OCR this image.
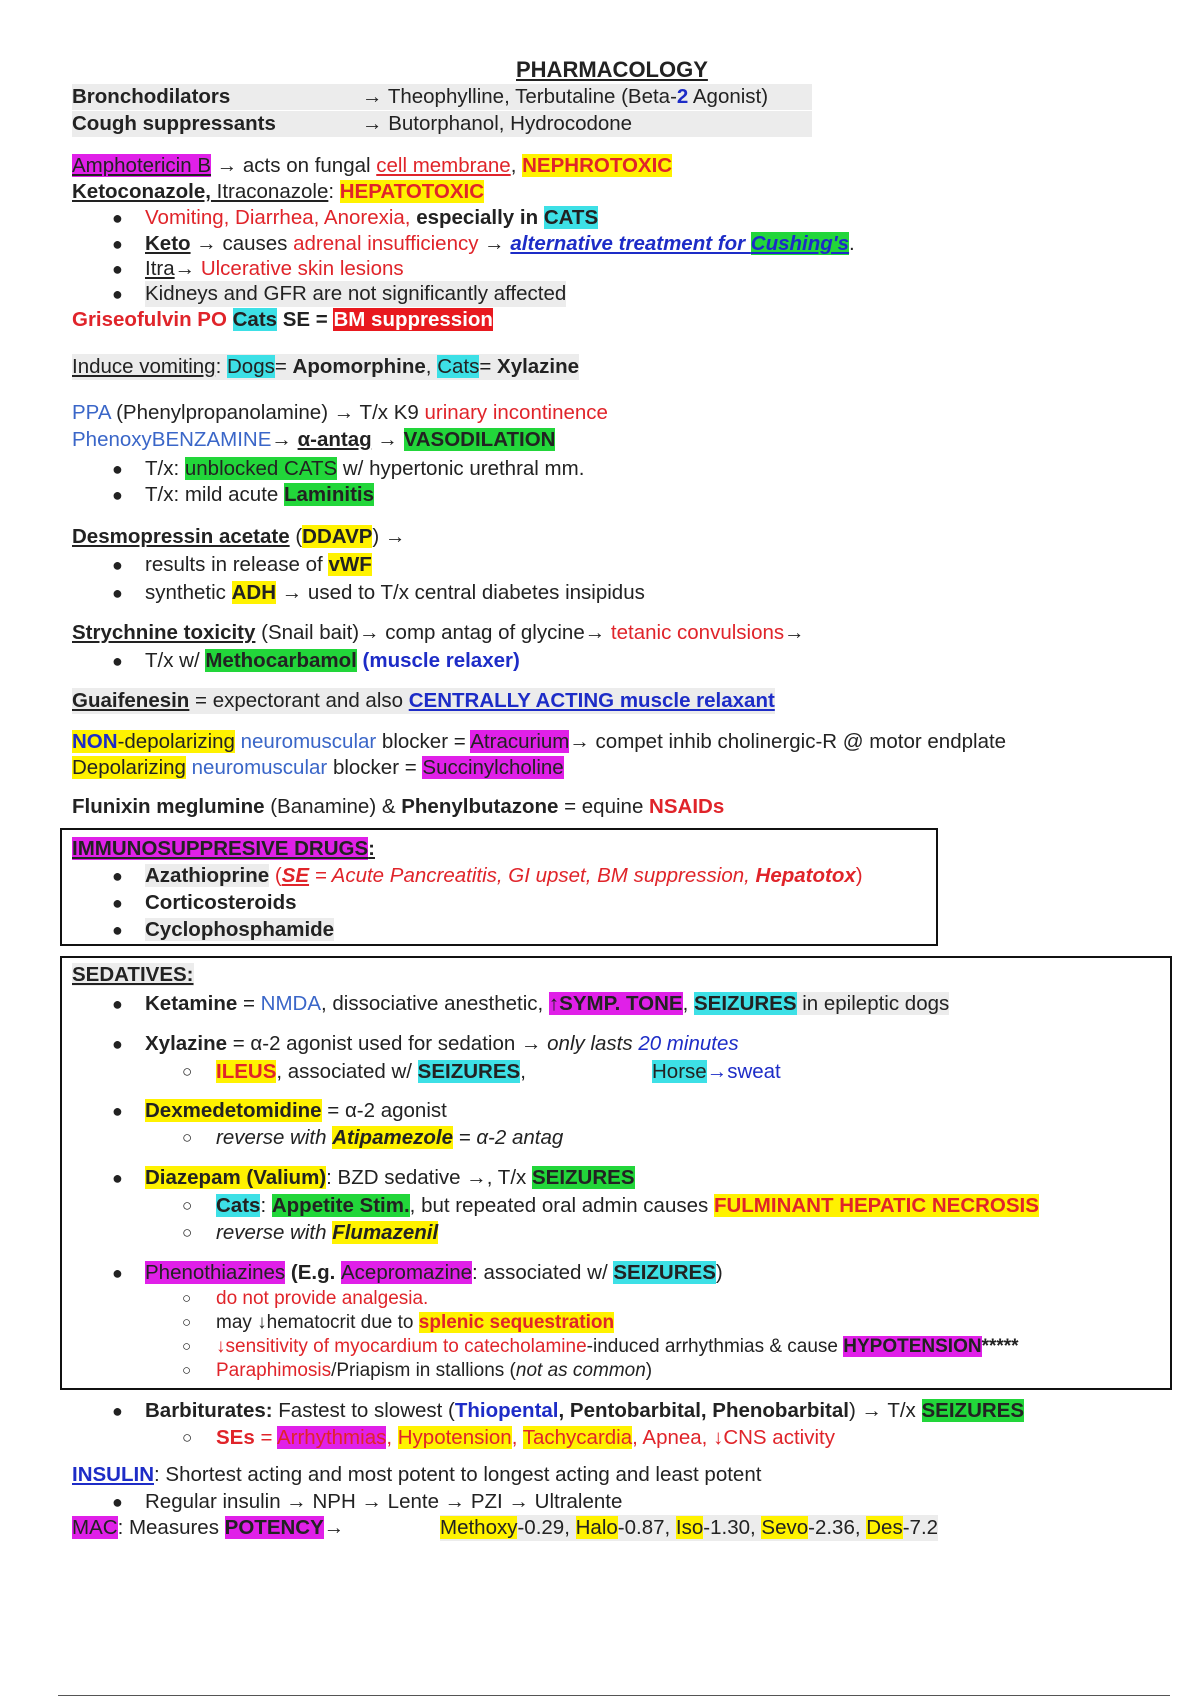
PHARMACOLOGY
Bronchodilators	→ Theophylline, Terbutaline (Beta-2 Agonist)
Cough suppressants	→ Butorphanol, Hydrocodone
Amphotericin B → acts on fungal cell membrane, NEPHROTOXIC
Ketoconazole, Itraconazole: HEPATOTOXIC
● Vomiting, Diarrhea, Anorexia, especially in CATS
● Keto → causes adrenal insufficiency → alternative treatment for Cushing's.
● Itra→ Ulcerative skin lesions
● Kidneys and GFR are not significantly affected
Griseofulvin PO Cats SE = BM suppression
Induce vomiting: Dogs= Apomorphine, Cats= Xylazine
PPA (Phenylpropanolamine) → T/x K9 urinary incontinence
PhenoxyBENZAMINE→ α-antag → VASODILATION
● T/x: unblocked CATS w/ hypertonic urethral mm.
● T/x: mild acute Laminitis
Desmopressin acetate (DDAVP) →
● results in release of vWF
● synthetic ADH → used to T/x central diabetes insipidus
Strychnine toxicity (Snail bait)→ comp antag of glycine→ tetanic convulsions→
● T/x w/ Methocarbamol (muscle relaxer)
Guaifenesin = expectorant and also CENTRALLY ACTING muscle relaxant
NON-depolarizing neuromuscular blocker = Atracurium→ compet inhib cholinergic-R @ motor endplate
Depolarizing neuromuscular blocker = Succinylcholine
Flunixin meglumine (Banamine) & Phenylbutazone = equine NSAIDs
IMMUNOSUPPRESIVE DRUGS:
● Azathioprine (SE = Acute Pancreatitis, GI upset, BM suppression, Hepatotox)
● Corticosteroids
● Cyclophosphamide
SEDATIVES:
● Ketamine = NMDA, dissociative anesthetic, ↑SYMP. TONE, SEIZURES in epileptic dogs
● Xylazine = α-2 agonist used for sedation → only lasts 20 minutes
○ ILEUS, associated w/ SEIZURES,	Horse→sweat
● Dexmedetomidine = α-2 agonist
○ reverse with Atipamezole = α-2 antag
● Diazepam (Valium): BZD sedative →, T/x SEIZURES
○ Cats: Appetite Stim., but repeated oral admin causes FULMINANT HEPATIC NECROSIS
○ reverse with Flumazenil
● Phenothiazines (E.g. Acepromazine: associated w/ SEIZURES)
○ do not provide analgesia.
○ may ↓hematocrit due to splenic sequestration
○ ↓sensitivity of myocardium to catecholamine-induced arrhythmias & cause HYPOTENSION*****
○ Paraphimosis/Priapism in stallions (not as common)
● Barbiturates: Fastest to slowest (Thiopental, Pentobarbital, Phenobarbital) → T/x SEIZURES
○ SEs = Arrhythmias, Hypotension, Tachycardia, Apnea, ↓CNS activity
INSULIN: Shortest acting and most potent to longest acting and least potent
● Regular insulin → NPH → Lente → PZI → Ultralente
MAC: Measures POTENCY→	Methoxy-0.29, Halo-0.87, Iso-1.30, Sevo-2.36, Des-7.2
